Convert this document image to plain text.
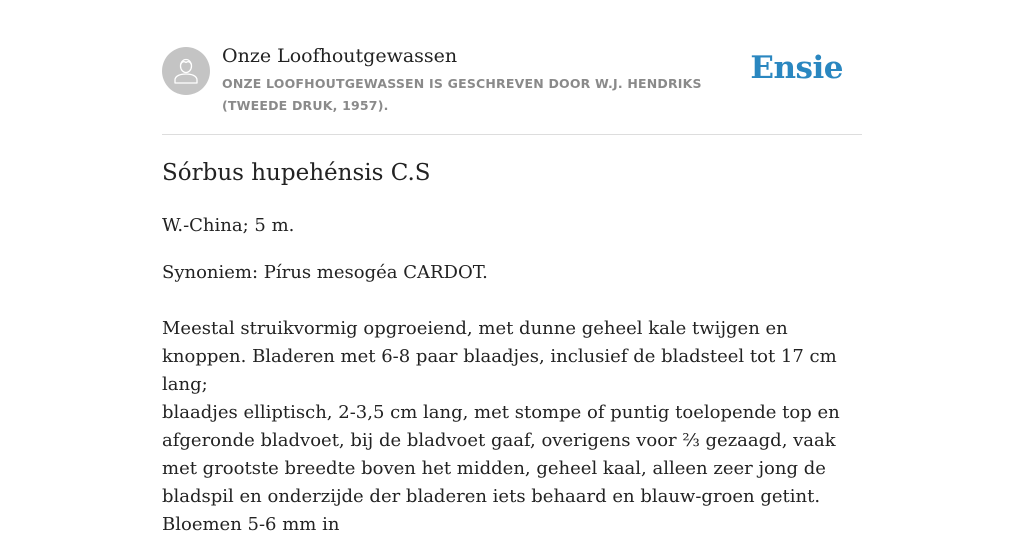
Onze Loofhoutgewassen
ONZE LOOFHOUTGEWASSEN IS GESCHREVEN DOOR W.J. HENDRIKS (TWEEDE DRUK, 1957).
Ensie
Sórbus hupehénsis C.S

W.-China; 5 m.

Synoniem: Pírus mesogéa CARDOT.

Meestal struikvormig opgroeiend, met dunne geheel kale twijgen en knoppen. Bladeren met 6-8 paar blaadjes, inclusief de bladsteel tot 17 cm lang;

blaadjes elliptisch, 2-3,5 cm lang, met stompe of puntig toelopende top en afgeronde bladvoet, bij de bladvoet gaaf, overigens voor ⅔ gezaagd, vaak met grootste breedte boven het midden, geheel kaal, alleen zeer jong de bladspil en onderzijde der bladeren iets behaard en blauw-groen getint. Bloemen 5-6 mm in
